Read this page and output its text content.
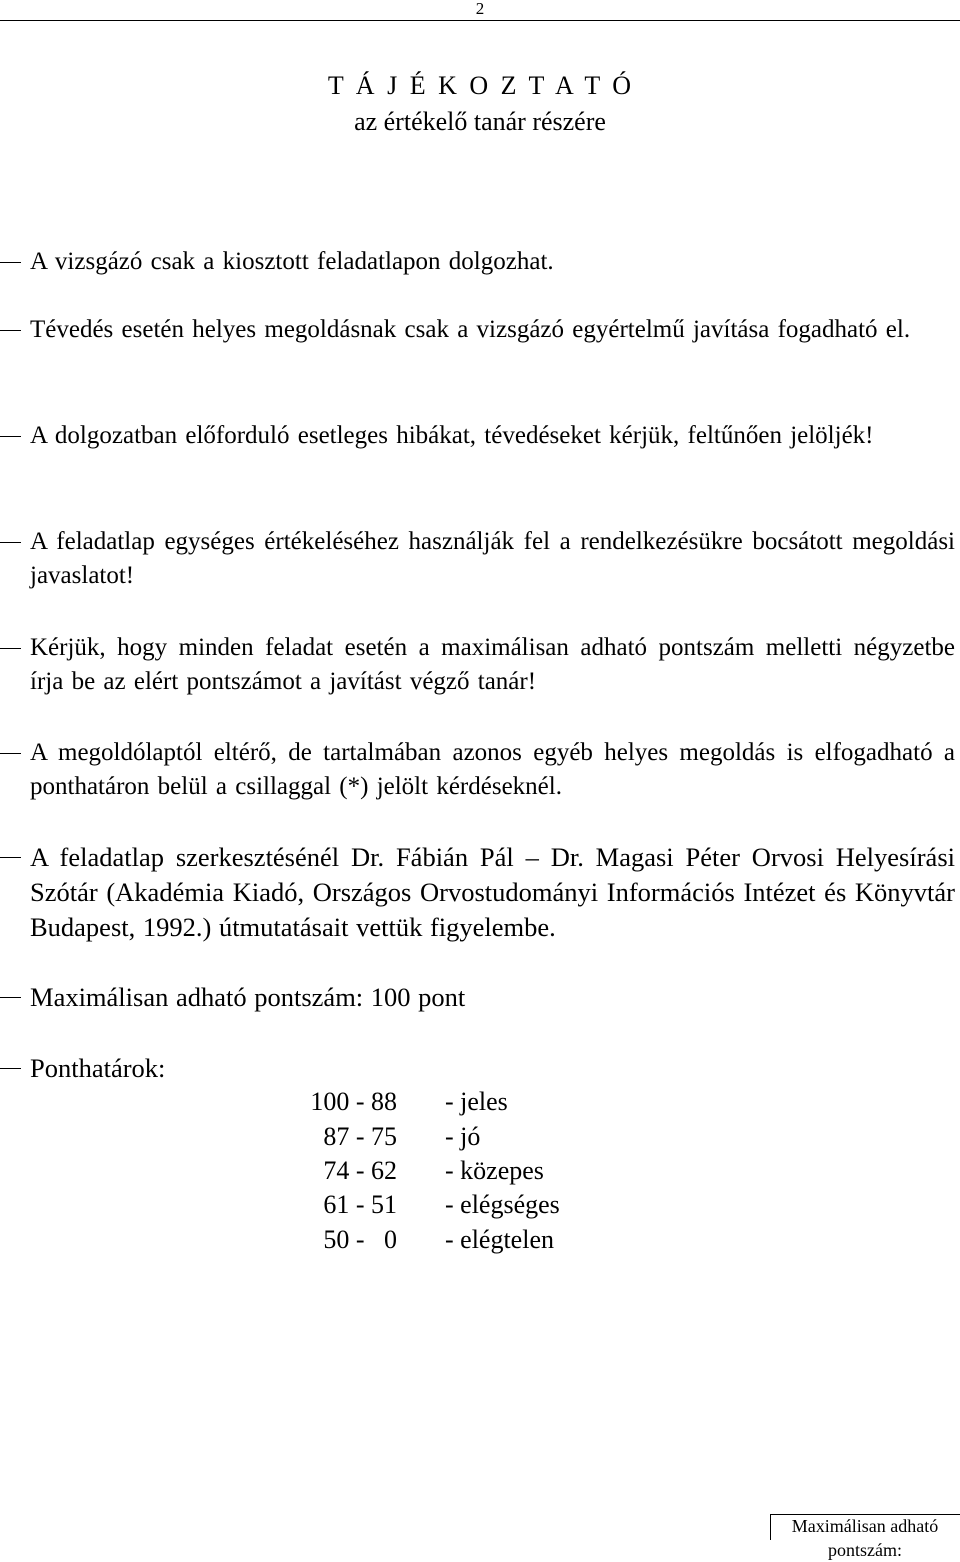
2
T Á J É K O Z T A T Ó
az értékelő tanár részére
A vizsgázó csak a kiosztott feladatlapon dolgozhat.
Tévedés esetén helyes megoldásnak csak a vizsgázó egyértelmű javítása fogadható el.
A dolgozatban előforduló esetleges hibákat, tévedéseket kérjük, feltűnően jelöljék!
A feladatlap egységes értékeléséhez használják fel a rendelkezésükre bocsátott megoldási javaslatot!
Kérjük, hogy minden feladat esetén a maximálisan adható pontszám melletti négyzetbe írja be az elért pontszámot a javítást végző tanár!
A megoldólaptól eltérő, de tartalmában azonos egyéb helyes megoldás is elfogadható a ponthatáron belül a csillaggal (*) jelölt kérdéseknél.
A feladatlap szerkesztésénél Dr. Fábián Pál – Dr. Magasi Péter Orvosi Helyesírási Szótár (Akadémia Kiadó, Országos Orvostudományi Információs Intézet és Könyvtár Budapest, 1992.) útmutatásait vettük figyelembe.
Maximálisan adható pontszám: 100 pont
Ponthatárok:
100 - 88	- jeles
87 - 75	- jó
74 - 62	- közepes
61 - 51	- elégséges
50 -   0	- elégtelen
Maximálisan adható pontszám:
